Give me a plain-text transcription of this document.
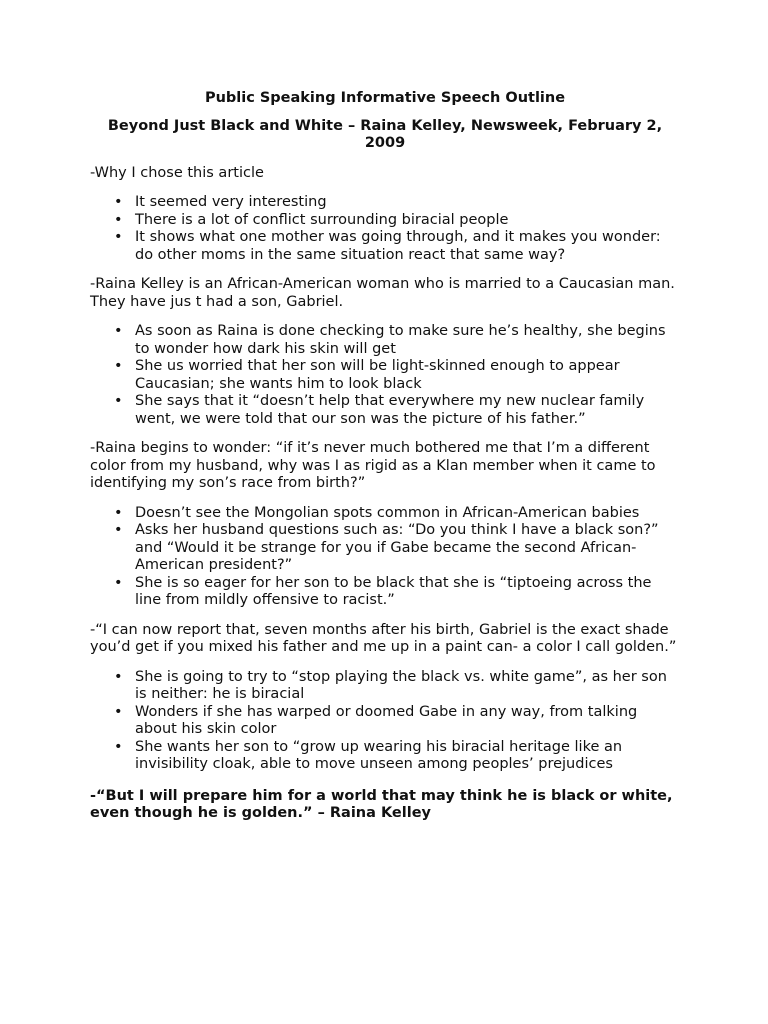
Public Speaking Informative Speech Outline
Beyond Just Black and White – Raina Kelley, Newsweek, February 2, 2009
-Why I chose this article
• It seemed very interesting
• There is a lot of conflict surrounding biracial people
• It shows what one mother was going through, and it makes you wonder: do other moms in the same situation react that same way?
-Raina Kelley is an African-American woman who is married to a Caucasian man. They have jus t had a son, Gabriel.
• As soon as Raina is done checking to make sure he’s healthy, she begins to wonder how dark his skin will get
• She us worried that her son will be light-skinned enough to appear Caucasian; she wants him to look black
• She says that it “doesn’t help that everywhere my new nuclear family went, we were told that our son was the picture of his father.”
-Raina begins to wonder: “if it’s never much bothered me that I’m a different color from my husband, why was I as rigid as a Klan member when it came to identifying my son’s race from birth?”
• Doesn’t see the Mongolian spots common in African-American babies
• Asks her husband questions such as: “Do you think I have a black son?” and “Would it be strange for you if Gabe became the second African-American president?”
• She is so eager for her son to be black that she is “tiptoeing across the line from mildly offensive to racist.”
-“I can now report that, seven months after his birth, Gabriel is the exact shade you’d get if you mixed his father and me up in a paint can- a color I call golden.”
• She is going to try to “stop playing the black vs. white game”, as her son is neither: he is biracial
• Wonders if she has warped or doomed Gabe in any way, from talking about his skin color
• She wants her son to “grow up wearing his biracial heritage like an invisibility cloak, able to move unseen among peoples’ prejudices
-“But I will prepare him for a world that may think he is black or white, even though he is golden.” – Raina Kelley
